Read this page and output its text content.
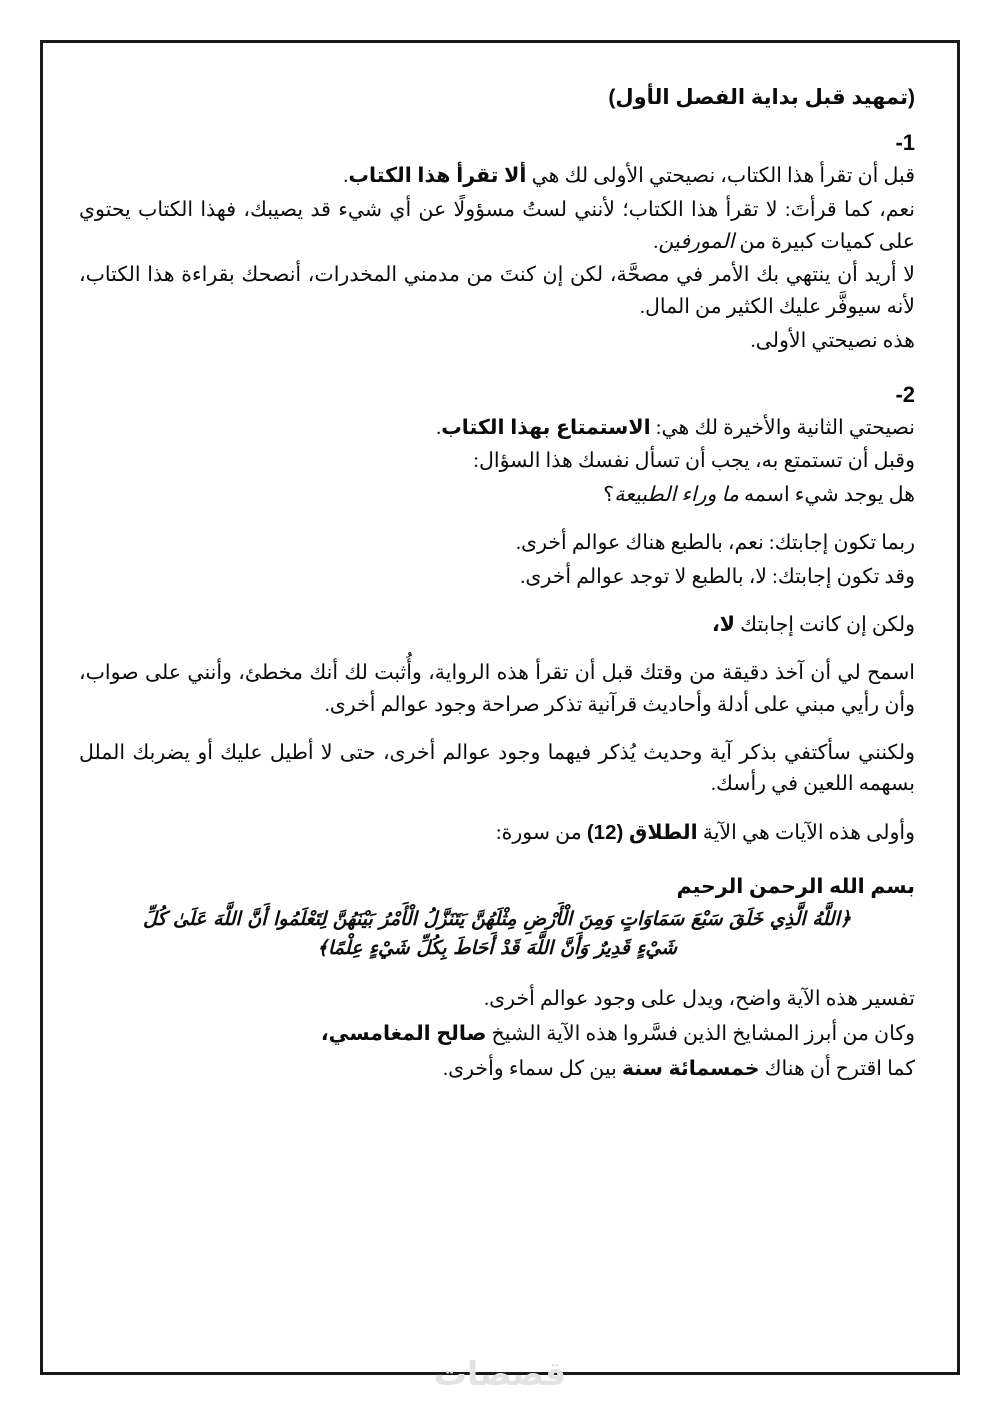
(تمهيد قبل بداية الفصل الأول)
-1
قبل أن تقرأ هذا الكتاب، نصيحتي الأولى لك هي ألا تقرأ هذا الكتاب.
نعم، كما قرأتَ: لا تقرأ هذا الكتاب؛ لأنني لستُ مسؤولًا عن أي شيء قد يصيبك، فهذا الكتاب يحتوي على كميات كبيرة من المورفين.
لا أريد أن ينتهي بك الأمر في مصحَّة، لكن إن كنتَ من مدمني المخدرات، أنصحك بقراءة هذا الكتاب، لأنه سيوفَّر عليك الكثير من المال.
هذه نصيحتي الأولى.
-2
نصيحتي الثانية والأخيرة لك هي: الاستمتاع بهذا الكتاب.
وقبل أن تستمتع به، يجب أن تسأل نفسك هذا السؤال:
هل يوجد شيء اسمه ما وراء الطبيعة؟
ربما تكون إجابتك: نعم، بالطبع هناك عوالم أخرى.
وقد تكون إجابتك: لا، بالطبع لا توجد عوالم أخرى.
ولكن إن كانت إجابتك لا،
اسمح لي أن آخذ دقيقة من وقتك قبل أن تقرأ هذه الرواية، وأُثبت لك أنك مخطئ، وأنني على صواب، وأن رأيي مبني على أدلة وأحاديث قرآنية تذكر صراحة وجود عوالم أخرى.
ولكنني سأكتفي بذكر آية وحديث يُذكر فيهما وجود عوالم أخرى، حتى لا أطيل عليك أو يضربك الملل بسهمه اللعين في رأسك.
وأولى هذه الآيات هي الآية الطلاق (12) من سورة:
بسم الله الرحمن الرحيم
﴿اللَّهُ الَّذِي خَلَقَ سَبْعَ سَمَاوَاتٍ وَمِنَ الْأَرْضِ مِثْلَهُنَّ يَتَنَزَّلُ الْأَمْرُ بَيْنَهُنَّ لِتَعْلَمُوا أَنَّ اللَّهَ عَلَىٰ كُلِّ
شَيْءٍ قَدِيرٌ وَأَنَّ اللَّهَ قَدْ أَحَاطَ بِكُلِّ شَيْءٍ عِلْمًا﴾
تفسير هذه الآية واضح، ويدل على وجود عوالم أخرى.
وكان من أبرز المشايخ الذين فسَّروا هذه الآية الشيخ صالح المغامسي،
كما اقترح أن هناك خمسمائة سنة بين كل سماء وأخرى.
قصصات
